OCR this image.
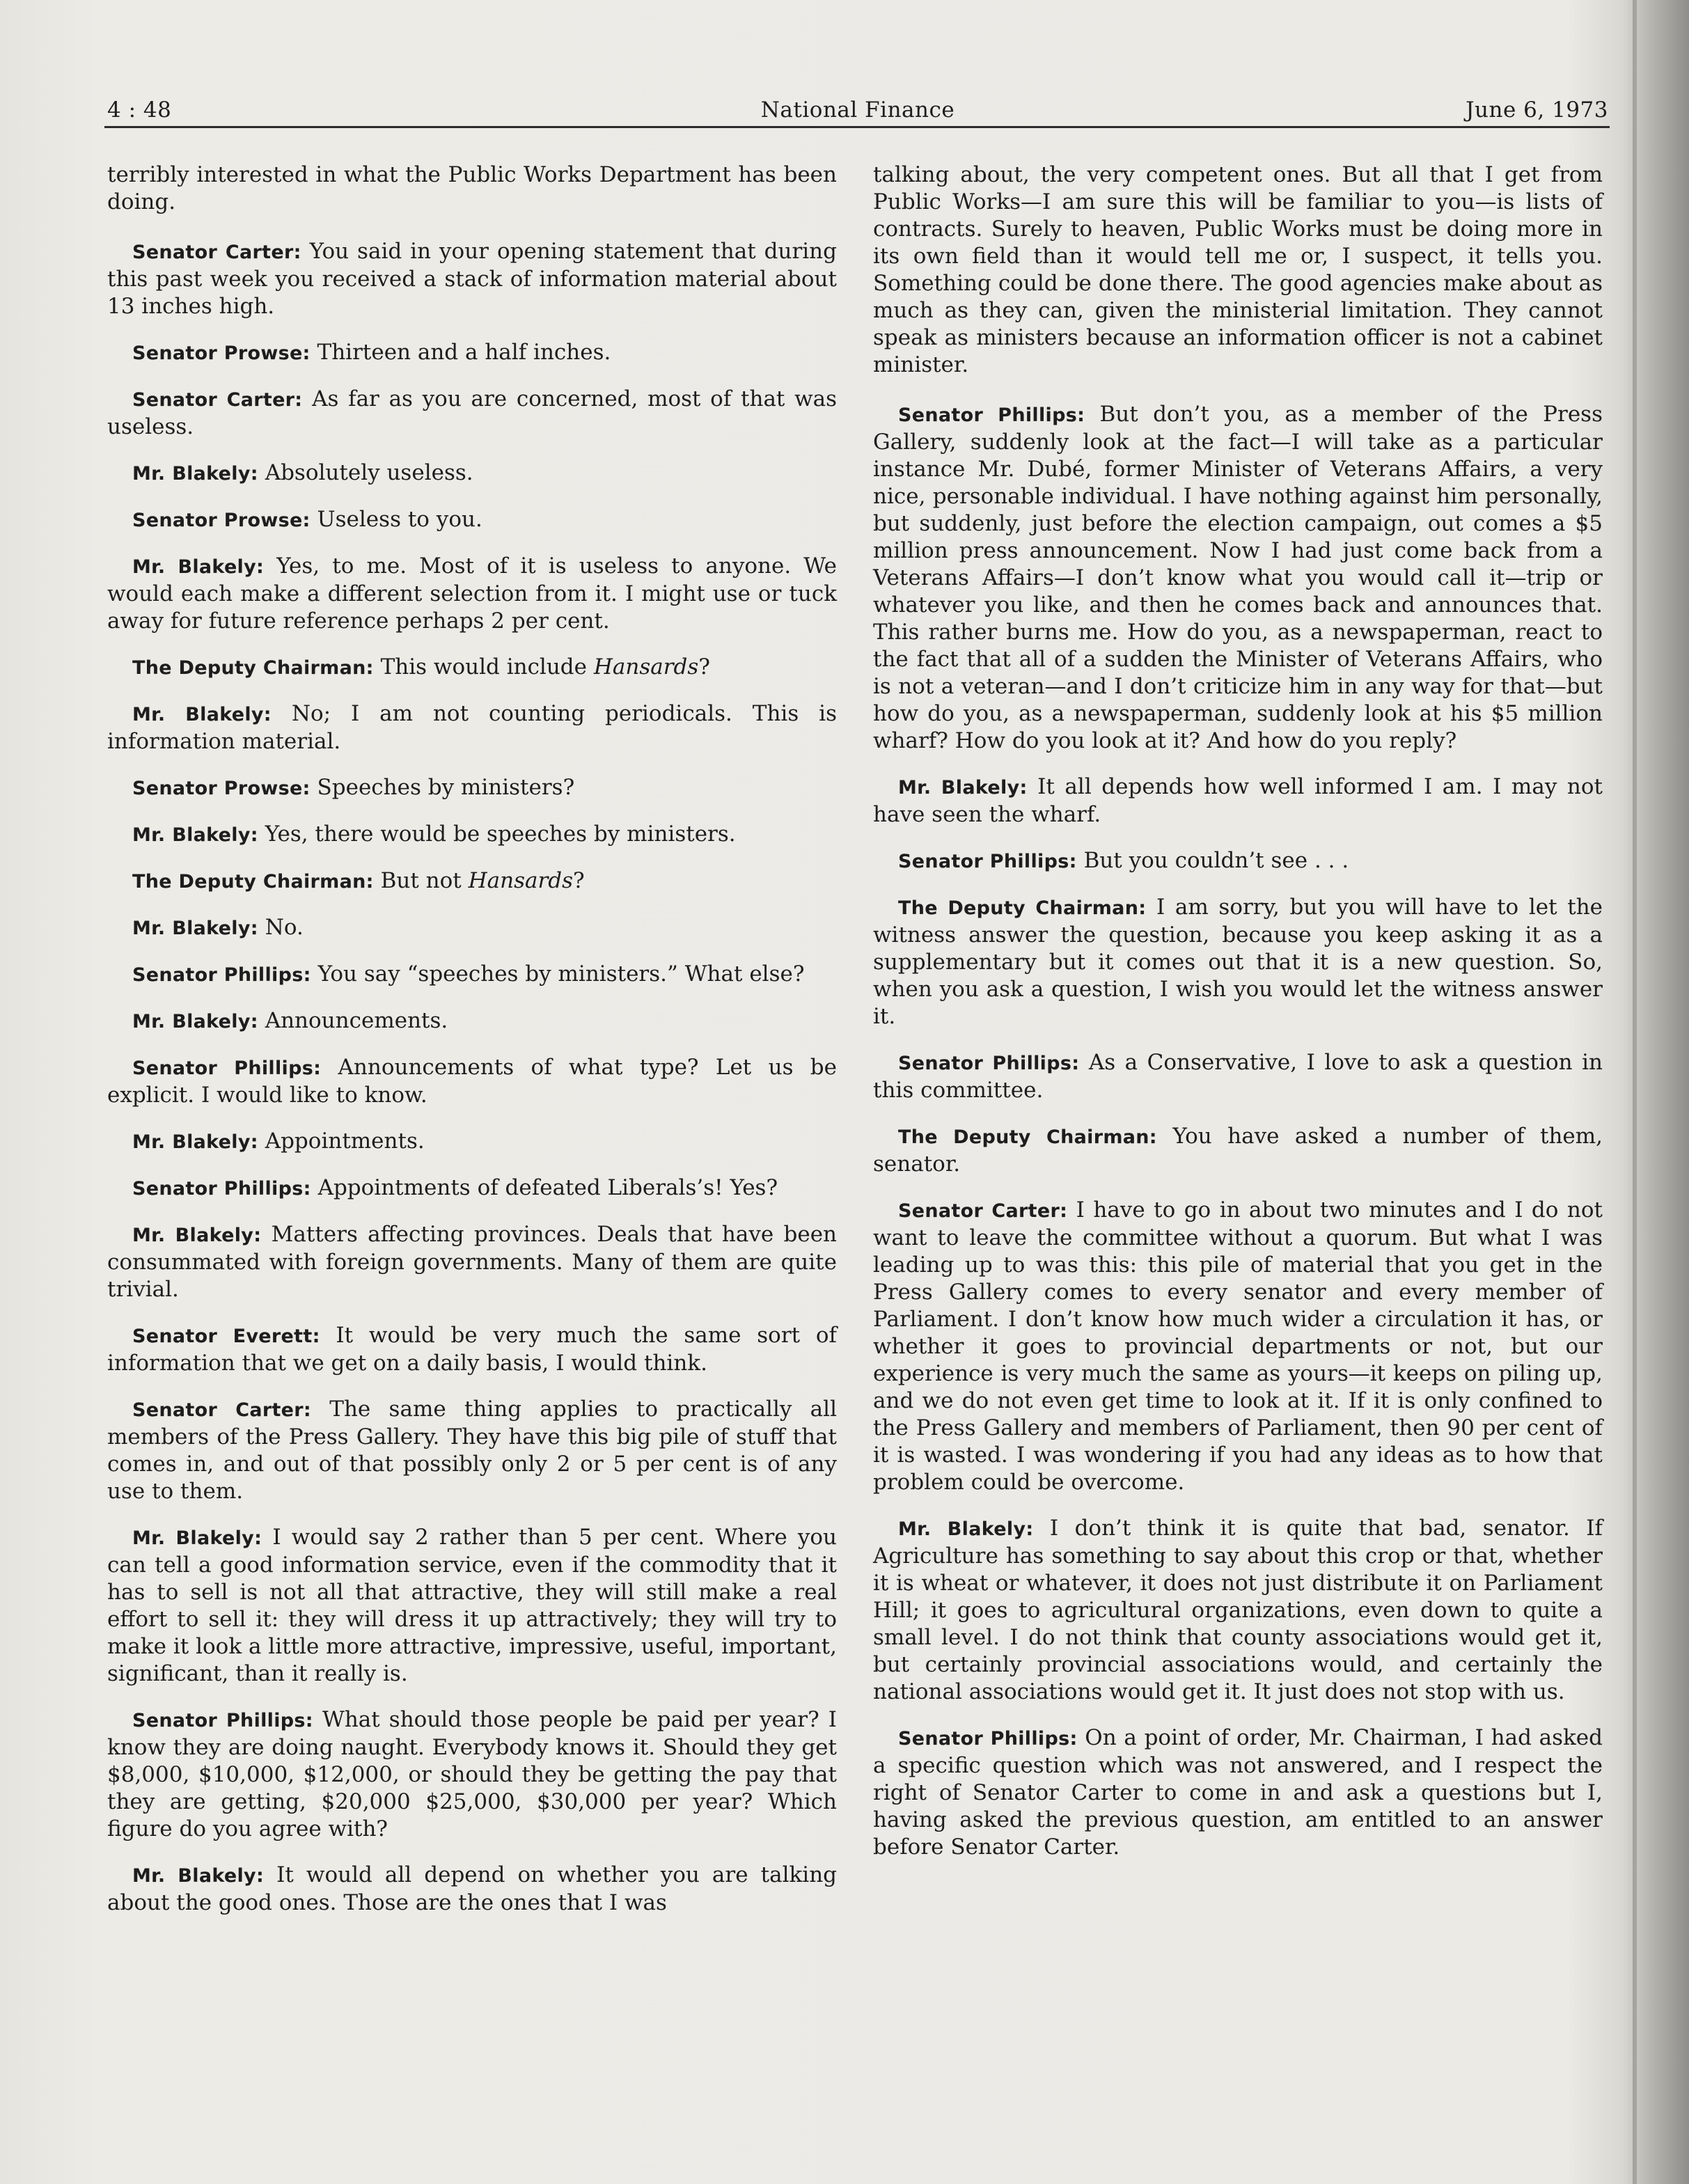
4 : 48	National Finance	June 6, 1973

terribly interested in what the Public Works Department has been doing.

Senator Carter: You said in your opening statement that during this past week you received a stack of information material about 13 inches high.

Senator Prowse: Thirteen and a half inches.

Senator Carter: As far as you are concerned, most of that was useless.

Mr. Blakely: Absolutely useless.

Senator Prowse: Useless to you.

Mr. Blakely: Yes, to me. Most of it is useless to anyone. We would each make a different selection from it. I might use or tuck away for future reference perhaps 2 per cent.

The Deputy Chairman: This would include Hansards?

Mr. Blakely: No; I am not counting periodicals. This is information material.

Senator Prowse: Speeches by ministers?

Mr. Blakely: Yes, there would be speeches by ministers.

The Deputy Chairman: But not Hansards?

Mr. Blakely: No.

Senator Phillips: You say “speeches by ministers.” What else?

Mr. Blakely: Announcements.

Senator Phillips: Announcements of what type? Let us be explicit. I would like to know.

Mr. Blakely: Appointments.

Senator Phillips: Appointments of defeated Liberals’s! Yes?

Mr. Blakely: Matters affecting provinces. Deals that have been consummated with foreign governments. Many of them are quite trivial.

Senator Everett: It would be very much the same sort of information that we get on a daily basis, I would think.

Senator Carter: The same thing applies to practically all members of the Press Gallery. They have this big pile of stuff that comes in, and out of that possibly only 2 or 5 per cent is of any use to them.

Mr. Blakely: I would say 2 rather than 5 per cent. Where you can tell a good information service, even if the commodity that it has to sell is not all that attractive, they will still make a real effort to sell it: they will dress it up attractively; they will try to make it look a little more attractive, impressive, useful, important, significant, than it really is.

Senator Phillips: What should those people be paid per year? I know they are doing naught. Everybody knows it. Should they get $8,000, $10,000, $12,000, or should they be getting the pay that they are getting, $20,000 $25,000, $30,000 per year? Which figure do you agree with?

Mr. Blakely: It would all depend on whether you are talking about the good ones. Those are the ones that I was

talking about, the very competent ones. But all that I get from Public Works—I am sure this will be familiar to you—is lists of contracts. Surely to heaven, Public Works must be doing more in its own field than it would tell me or, I suspect, it tells you. Something could be done there. The good agencies make about as much as they can, given the ministerial limitation. They cannot speak as ministers because an information officer is not a cabinet minister.

Senator Phillips: But don’t you, as a member of the Press Gallery, suddenly look at the fact—I will take as a particular instance Mr. Dubé, former Minister of Veterans Affairs, a very nice, personable individual. I have nothing against him personally, but suddenly, just before the election campaign, out comes a $5 million press announcement. Now I had just come back from a Veterans Affairs—I don’t know what you would call it—trip or whatever you like, and then he comes back and announces that. This rather burns me. How do you, as a newspaperman, react to the fact that all of a sudden the Minister of Veterans Affairs, who is not a veteran—and I don’t criticize him in any way for that—but how do you, as a newspaperman, suddenly look at his $5 million wharf? How do you look at it? And how do you reply?

Mr. Blakely: It all depends how well informed I am. I may not have seen the wharf.

Senator Phillips: But you couldn’t see . . .

The Deputy Chairman: I am sorry, but you will have to let the witness answer the question, because you keep asking it as a supplementary but it comes out that it is a new question. So, when you ask a question, I wish you would let the witness answer it.

Senator Phillips: As a Conservative, I love to ask a question in this committee.

The Deputy Chairman: You have asked a number of them, senator.

Senator Carter: I have to go in about two minutes and I do not want to leave the committee without a quorum. But what I was leading up to was this: this pile of material that you get in the Press Gallery comes to every senator and every member of Parliament. I don’t know how much wider a circulation it has, or whether it goes to provincial departments or not, but our experience is very much the same as yours—it keeps on piling up, and we do not even get time to look at it. If it is only confined to the Press Gallery and members of Parliament, then 90 per cent of it is wasted. I was wondering if you had any ideas as to how that problem could be overcome.

Mr. Blakely: I don’t think it is quite that bad, senator. If Agriculture has something to say about this crop or that, whether it is wheat or whatever, it does not just distribute it on Parliament Hill; it goes to agricultural organizations, even down to quite a small level. I do not think that county associations would get it, but certainly provincial associations would, and certainly the national associations would get it. It just does not stop with us.

Senator Phillips: On a point of order, Mr. Chairman, I had asked a specific question which was not answered, and I respect the right of Senator Carter to come in and ask a questions but I, having asked the previous question, am entitled to an answer before Senator Carter.
